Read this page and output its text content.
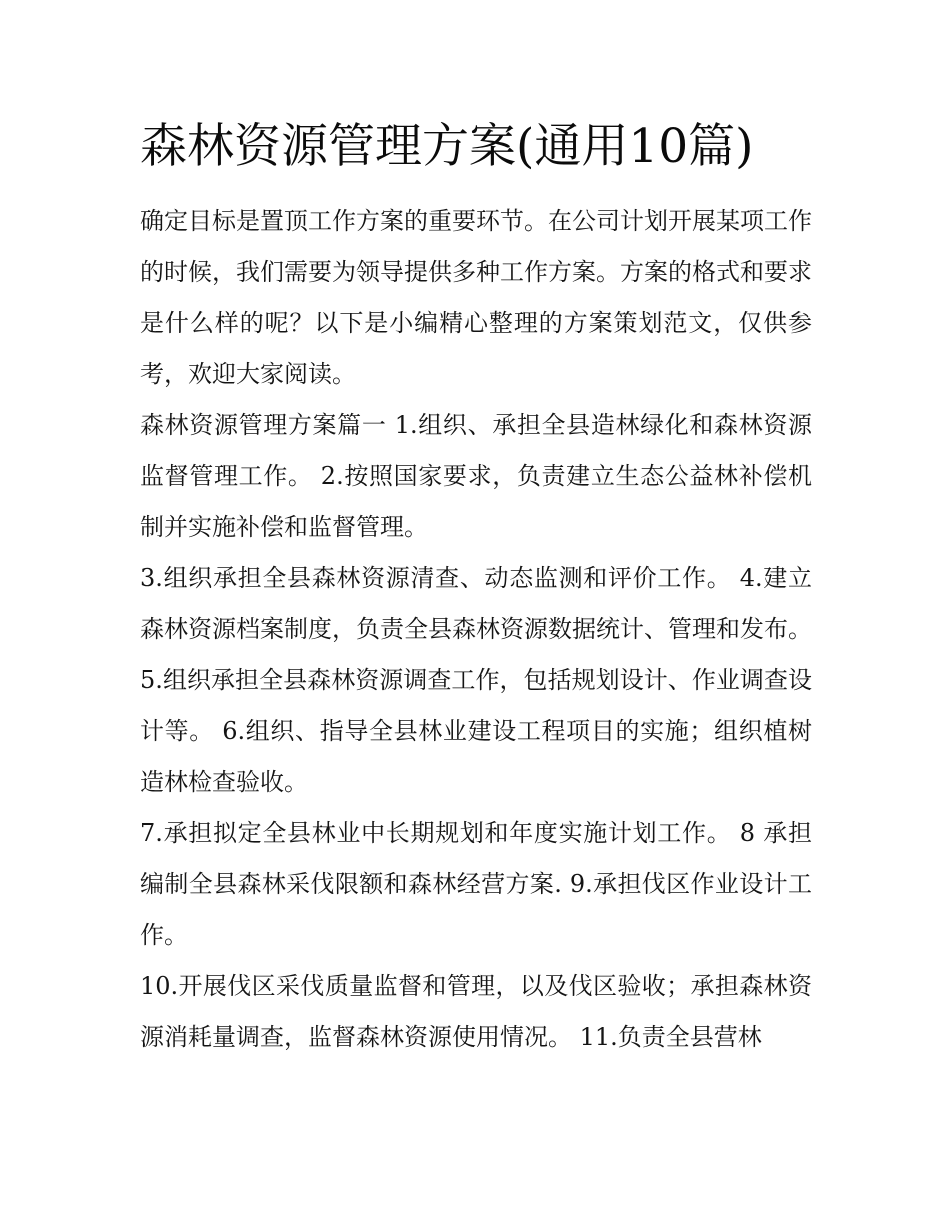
森林资源管理方案(通用10篇)

确定目标是置顶工作方案的重要环节。在公司计划开展某项工作的时候，我们需要为领导提供多种工作方案。方案的格式和要求是什么样的呢？以下是小编精心整理的方案策划范文，仅供参考，欢迎大家阅读。

森林资源管理方案篇一 1.组织、承担全县造林绿化和森林资源监督管理工作。 2.按照国家要求，负责建立生态公益林补偿机制并实施补偿和监督管理。

3.组织承担全县森林资源清查、动态监测和评价工作。 4.建立森林资源档案制度，负责全县森林资源数据统计、管理和发布。

5.组织承担全县森林资源调查工作，包括规划设计、作业调查设计等。 6.组织、指导全县林业建设工程项目的实施；组织植树造林检查验收。

7.承担拟定全县林业中长期规划和年度实施计划工作。 8 承担编制全县森林采伐限额和森林经营方案. 9.承担伐区作业设计工作。

10.开展伐区采伐质量监督和管理，以及伐区验收；承担森林资源消耗量调查，监督森林资源使用情况。 11.负责全县营林
